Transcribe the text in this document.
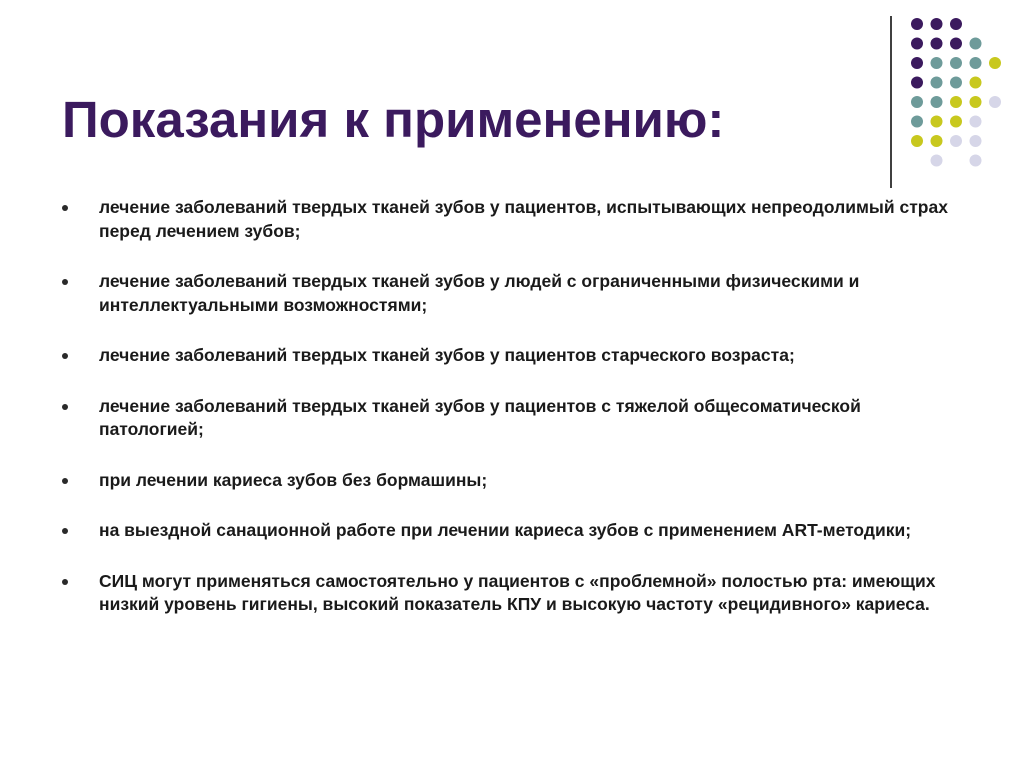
Показания к применению:
лечение заболеваний твердых тканей зубов у пациентов, испытывающих непреодолимый страх перед лечением зубов;
лечение заболеваний твердых тканей зубов у людей с ограниченными физическими и интеллектуальными возможностями;
лечение заболеваний твердых тканей зубов у пациентов старческого возраста;
лечение заболеваний твердых тканей зубов у пациентов с тяжелой общесоматической патологией;
при лечении кариеса зубов без бормашины;
на выездной санационной работе при лечении кариеса зубов с применением ART-методики;
СИЦ могут применяться самостоятельно у пациентов с «проблемной» полостью рта: имеющих низкий уровень гигиены, высокий показатель КПУ и высокую частоту «рецидивного» кариеса.
